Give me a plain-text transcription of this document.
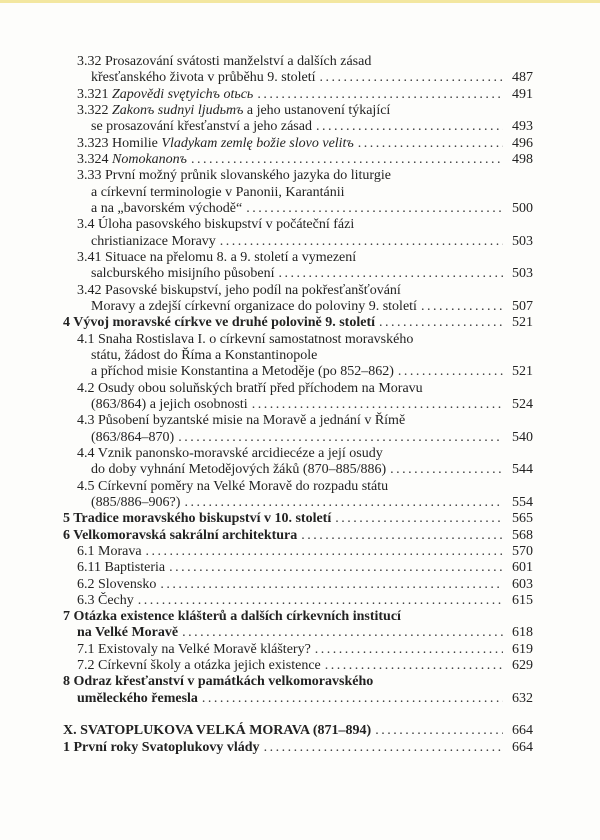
3.32 Prosazování svátosti manželství a dalších zásad
křesťanského života v průběhu 9. století . . .	487
3.321 Zapovědi svętyichъ otьcь . . .	491
3.322 Zakonъ sudnyi ljudьmъ a jeho ustanovení týkající
se prosazování křesťanství a jeho zásad . . .	493
3.323 Homilie Vladykam zemlę božie slovo velitъ . . .	496
3.324 Nomokanonъ . . .	498
3.33 První možný průnik slovanského jazyka do liturgie
a církevní terminologie v Panonii, Karantánii
a na „bavorském východě“ . . .	500
3.4 Úloha pasovského biskupství v počáteční fázi
christianizace Moravy . . .	503
3.41 Situace na přelomu 8. a 9. století a vymezení
salcburského misijního působení . . .	503
3.42 Pasovské biskupství, jeho podíl na pokřesťanšťování
Moravy a zdejší církevní organizace do poloviny 9. století . . .	507
4 Vývoj moravské církve ve druhé polovině 9. století . . .	521
4.1 Snaha Rostislava I. o církevní samostatnost moravského
státu, žádost do Říma a Konstantinopole
a příchod misie Konstantina a Metoděje (po 852–862) . . .	521
4.2 Osudy obou soluňských bratří před příchodem na Moravu
(863/864) a jejich osobnosti . . .	524
4.3 Působení byzantské misie na Moravě a jednání v Římě
(863/864–870) . . .	540
4.4 Vznik panonsko-moravské arcidiecéze a její osudy
do doby vyhnání Metodějových žáků (870–885/886) . . .	544
4.5 Církevní poměry na Velké Moravě do rozpadu státu
(885/886–906?) . . .	554
5 Tradice moravského biskupství v 10. století . . .	565
6 Velkomoravská sakrální architektura . . .	568
6.1 Morava . . .	570
6.11 Baptisteria . . .	601
6.2 Slovensko . . .	603
6.3 Čechy . . .	615
7 Otázka existence klášterů a dalších církevních institucí
na Velké Moravě . . .	618
7.1 Existovaly na Velké Moravě kláštery? . . .	619
7.2 Církevní školy a otázka jejich existence . . .	629
8 Odraz křesťanství v památkách velkomoravského
uměleckého řemesla . . .	632
X. SVATOPLUKOVA VELKÁ MORAVA (871–894) . . .	664
1 První roky Svatoplukovy vlády . . .	664
